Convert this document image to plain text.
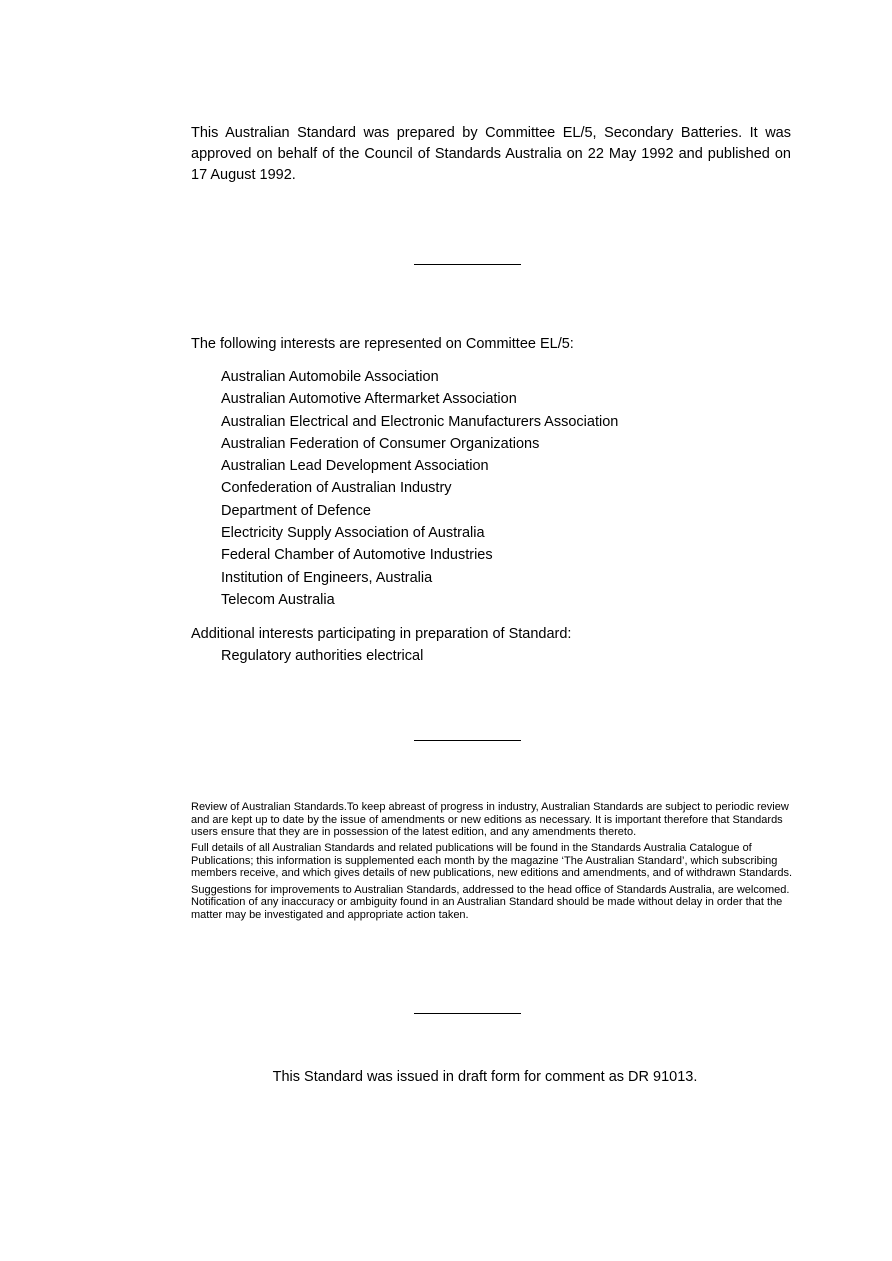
This Australian Standard was prepared by Committee EL/5, Secondary Batteries. It was approved on behalf of the Council of Standards Australia on 22 May 1992 and published on 17 August 1992.

The following interests are represented on Committee EL/5:

Australian Automobile Association
Australian Automotive Aftermarket Association
Australian Electrical and Electronic Manufacturers Association
Australian Federation of Consumer Organizations
Australian Lead Development Association
Confederation of Australian Industry
Department of Defence
Electricity Supply Association of Australia
Federal Chamber of Automotive Industries
Institution of Engineers, Australia
Telecom Australia

Additional interests participating in preparation of Standard:

Regulatory authorities electrical

Review of Australian Standards.To keep abreast of progress in industry, Australian Standards are subject to periodic review and are kept up to date by the issue of amendments or new editions as necessary. It is important therefore that Standards users ensure that they are in possession of the latest edition, and any amendments thereto.

Full details of all Australian Standards and related publications will be found in the Standards Australia Catalogue of Publications; this information is supplemented each month by the magazine ‘The Australian Standard’, which subscribing members receive, and which gives details of new publications, new editions and amendments, and of withdrawn Standards.

Suggestions for improvements to Australian Standards, addressed to the head office of Standards Australia, are welcomed. Notification of any inaccuracy or ambiguity found in an Australian Standard should be made without delay in order that the matter may be investigated and appropriate action taken.

This Standard was issued in draft form for comment as DR 91013.
